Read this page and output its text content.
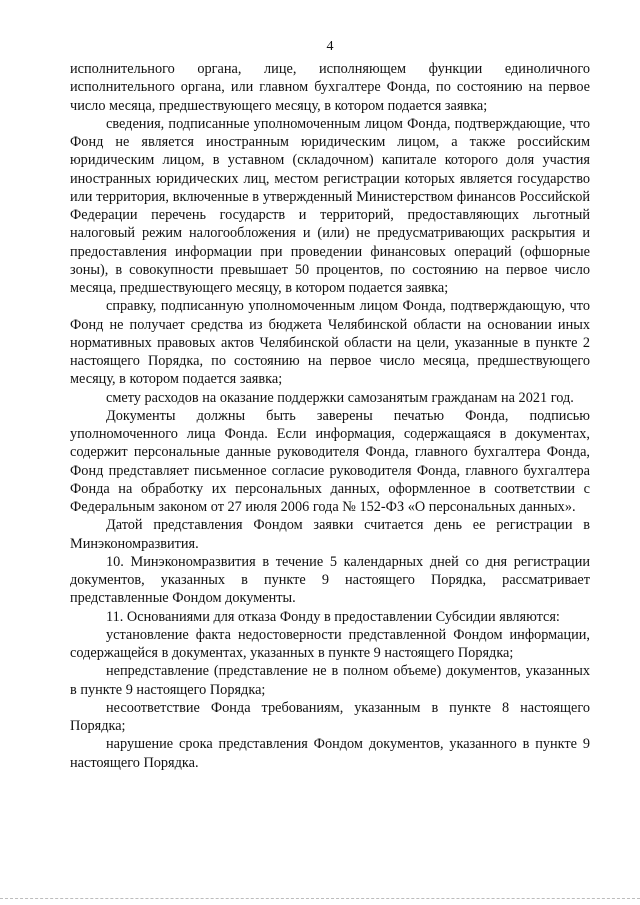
4

исполнительного органа, лице, исполняющем функции единоличного исполнительного органа, или главном бухгалтере Фонда, по состоянию на первое число месяца, предшествующего месяцу, в котором подается заявка;

сведения, подписанные уполномоченным лицом Фонда, подтверждающие, что Фонд не является иностранным юридическим лицом, а также российским юридическим лицом, в уставном (складочном) капитале которого доля участия иностранных юридических лиц, местом регистрации которых является государство или территория, включенные в утвержденный Министерством финансов Российской Федерации перечень государств и территорий, предоставляющих льготный налоговый режим налогообложения и (или) не предусматривающих раскрытия и предоставления информации при проведении финансовых операций (офшорные зоны), в совокупности превышает 50 процентов, по состоянию на первое число месяца, предшествующего месяцу, в котором подается заявка;

справку, подписанную уполномоченным лицом Фонда, подтверждающую, что Фонд не получает средства из бюджета Челябинской области на основании иных нормативных правовых актов Челябинской области на цели, указанные в пункте 2 настоящего Порядка, по состоянию на первое число месяца, предшествующего месяцу, в котором подается заявка;

смету расходов на оказание поддержки самозанятым гражданам на 2021 год.

Документы должны быть заверены печатью Фонда, подписью уполномоченного лица Фонда. Если информация, содержащаяся в документах, содержит персональные данные руководителя Фонда, главного бухгалтера Фонда, Фонд представляет письменное согласие руководителя Фонда, главного бухгалтера Фонда на обработку их персональных данных, оформленное в соответствии с Федеральным законом от 27 июля 2006 года № 152-ФЗ «О персональных данных».

Датой представления Фондом заявки считается день ее регистрации в Минэкономразвития.

10. Минэкономразвития в течение 5 календарных дней со дня регистрации документов, указанных в пункте 9 настоящего Порядка, рассматривает представленные Фондом документы.

11. Основаниями для отказа Фонду в предоставлении Субсидии являются:

установление факта недостоверности представленной Фондом информации, содержащейся в документах, указанных в пункте 9 настоящего Порядка;

непредставление (представление не в полном объеме) документов, указанных в пункте 9 настоящего Порядка;

несоответствие Фонда требованиям, указанным в пункте 8 настоящего Порядка;

нарушение срока представления Фондом документов, указанного в пункте 9 настоящего Порядка.
